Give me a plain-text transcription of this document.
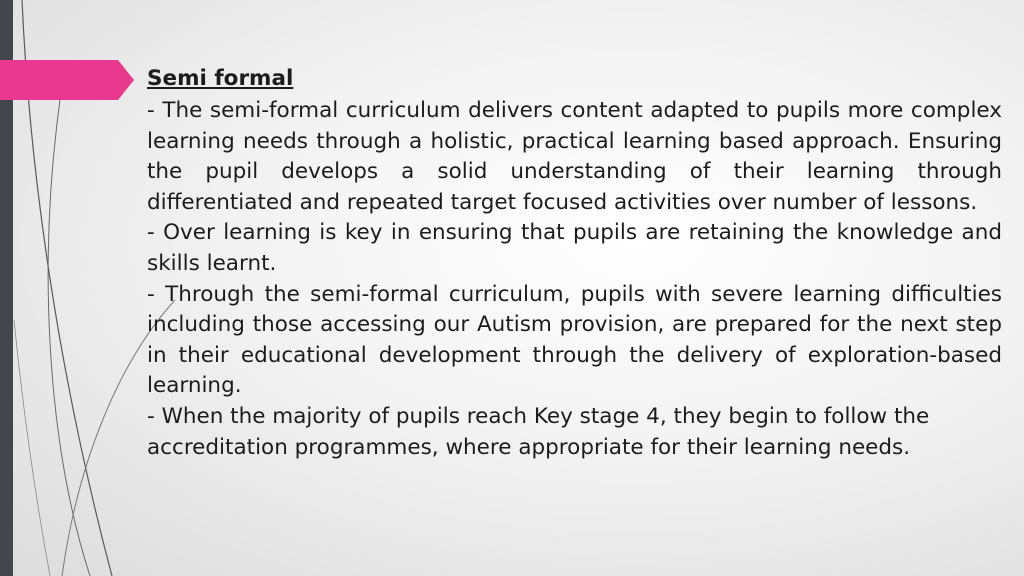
Semi formal

- The semi-formal curriculum delivers content adapted to pupils more complex learning needs through a holistic, practical learning based approach. Ensuring the pupil develops a solid understanding of their learning through differentiated and repeated target focused activities over number of lessons.

- Over learning is key in ensuring that pupils are retaining the knowledge and skills learnt.

- Through the semi-formal curriculum, pupils with severe learning difficulties including those accessing our Autism provision, are prepared for the next step in their educational development through the delivery of exploration-based learning.

- When the majority of pupils reach Key stage 4, they begin to follow the accreditation programmes, where appropriate for their learning needs.
